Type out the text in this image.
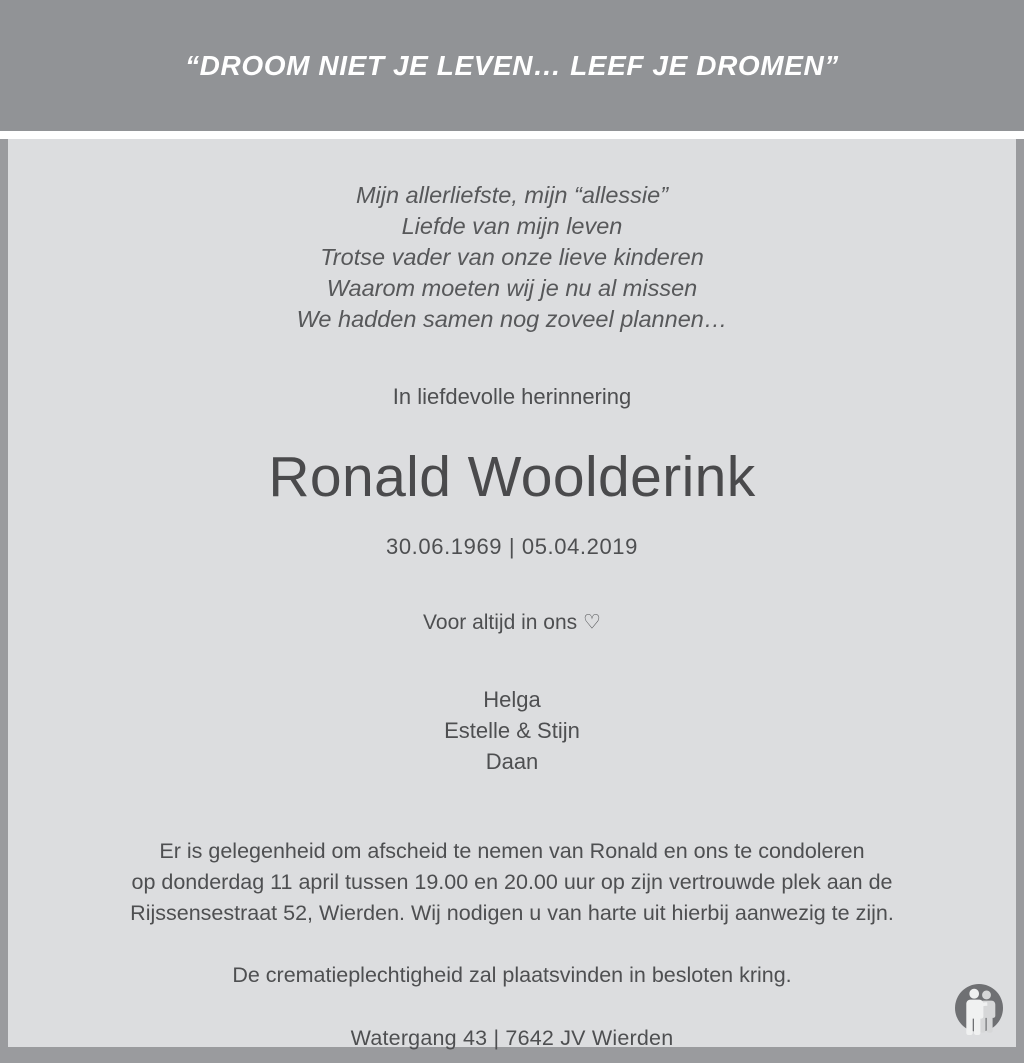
“DROOM NIET JE LEVEN… LEEF JE DROMEN”
Mijn allerliefste, mijn “allessie”
Liefde van mijn leven
Trotse vader van onze lieve kinderen
Waarom moeten wij je nu al missen
We hadden samen nog zoveel plannen…
In liefdevolle herinnering
Ronald Woolderink
30.06.1969 | 05.04.2019
Voor altijd in ons ♡
Helga
Estelle & Stijn
Daan
Er is gelegenheid om afscheid te nemen van Ronald en ons te condoleren
op donderdag 11 april tussen 19.00 en 20.00 uur op zijn vertrouwde plek aan de
Rijssensestraat 52, Wierden. Wij nodigen u van harte uit hierbij aanwezig te zijn.
De crematieplechtigheid zal plaatsvinden in besloten kring.
Watergang 43 | 7642 JV Wierden
